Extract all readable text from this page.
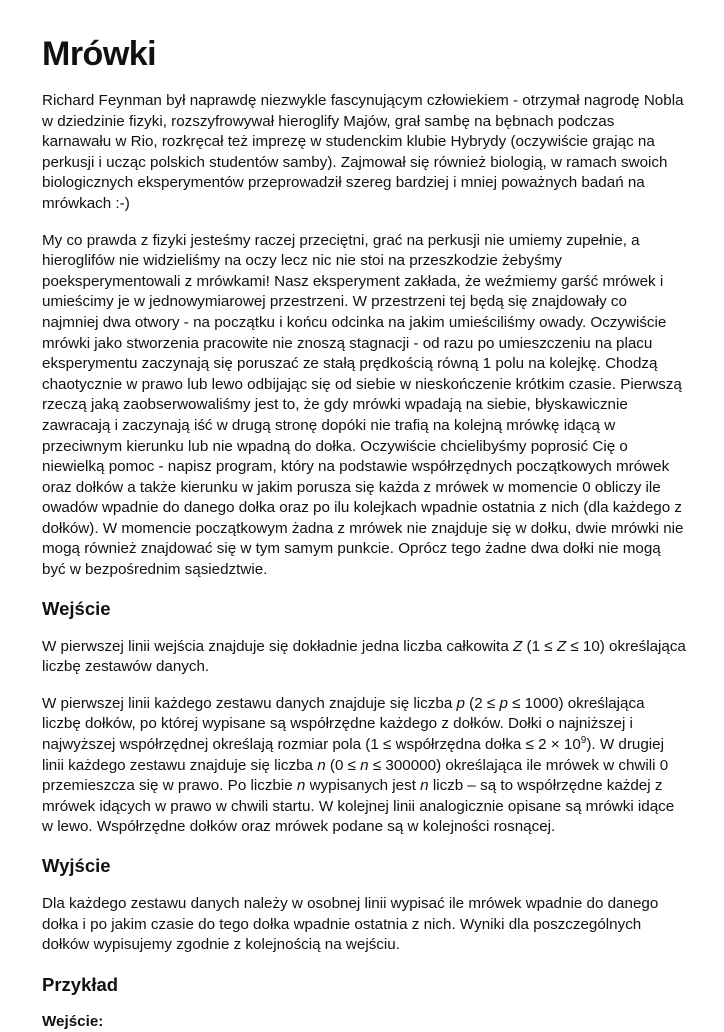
Mrówki

Richard Feynman był naprawdę niezwykle fascynującym człowiekiem - otrzymał nagrodę Nobla w dziedzinie fizyki, rozszyfrowywał hieroglify Majów, grał sambę na bębnach podczas karnawału w Rio, rozkręcał też imprezę w studenckim klubie Hybrydy (oczywiście grając na perkusji i ucząc polskich studentów samby). Zajmował się również biologią, w ramach swoich biologicznych eksperymentów przeprowadził szereg bardziej i mniej poważnych badań na mrówkach :-)

My co prawda z fizyki jesteśmy raczej przeciętni, grać na perkusji nie umiemy zupełnie, a hieroglifów nie widzieliśmy na oczy lecz nic nie stoi na przeszkodzie żebyśmy poeksperymentowali z mrówkami! Nasz eksperyment zakłada, że weźmiemy garść mrówek i umieścimy je w jednowymiarowej przestrzeni. W przestrzeni tej będą się znajdowały co najmniej dwa otwory - na początku i końcu odcinka na jakim umieściliśmy owady. Oczywiście mrówki jako stworzenia pracowite nie znoszą stagnacji - od razu po umieszczeniu na placu eksperymentu zaczynają się poruszać ze stałą prędkością równą 1 polu na kolejkę. Chodzą chaotycznie w prawo lub lewo odbijając się od siebie w nieskończenie krótkim czasie. Pierwszą rzeczą jaką zaobserwowaliśmy jest to, że gdy mrówki wpadają na siebie, błyskawicznie zawracają i zaczynają iść w drugą stronę dopóki nie trafią na kolejną mrówkę idącą w przeciwnym kierunku lub nie wpadną do dołka. Oczywiście chcielibyśmy poprosić Cię o niewielką pomoc - napisz program, który na podstawie współrzędnych początkowych mrówek oraz dołków a także kierunku w jakim porusza się każda z mrówek w momencie 0 obliczy ile owadów wpadnie do danego dołka oraz po ilu kolejkach wpadnie ostatnia z nich (dla każdego z dołków). W momencie początkowym żadna z mrówek nie znajduje się w dołku, dwie mrówki nie mogą również znajdować się w tym samym punkcie. Oprócz tego żadne dwa dołki nie mogą być w bezpośrednim sąsiedztwie.

Wejście

W pierwszej linii wejścia znajduje się dokładnie jedna liczba całkowita Z (1 ≤ Z ≤ 10) określająca liczbę zestawów danych.

W pierwszej linii każdego zestawu danych znajduje się liczba p (2 ≤ p ≤ 1000) określająca liczbę dołków, po której wypisane są współrzędne każdego z dołków. Dołki o najniższej i najwyższej współrzędnej określają rozmiar pola (1 ≤ współrzędna dołka ≤ $2 \times 10^9$). W drugiej linii każdego zestawu znajduje się liczba n (0 ≤ n ≤ 300000) określająca ile mrówek w chwili 0 przemieszcza się w prawo. Po liczbie n wypisanych jest n liczb – są to współrzędne każdej z mrówek idących w prawo w chwili startu. W kolejnej linii analogicznie opisane są mrówki idące w lewo. Współrzędne dołków oraz mrówek podane są w kolejności rosnącej.

Wyjście

Dla każdego zestawu danych należy w osobnej linii wypisać ile mrówek wpadnie do danego dołka i po jakim czasie do tego dołka wpadnie ostatnia z nich. Wyniki dla poszczególnych dołków wypisujemy zgodnie z kolejnością na wejściu.

Przykład
Wejście:
